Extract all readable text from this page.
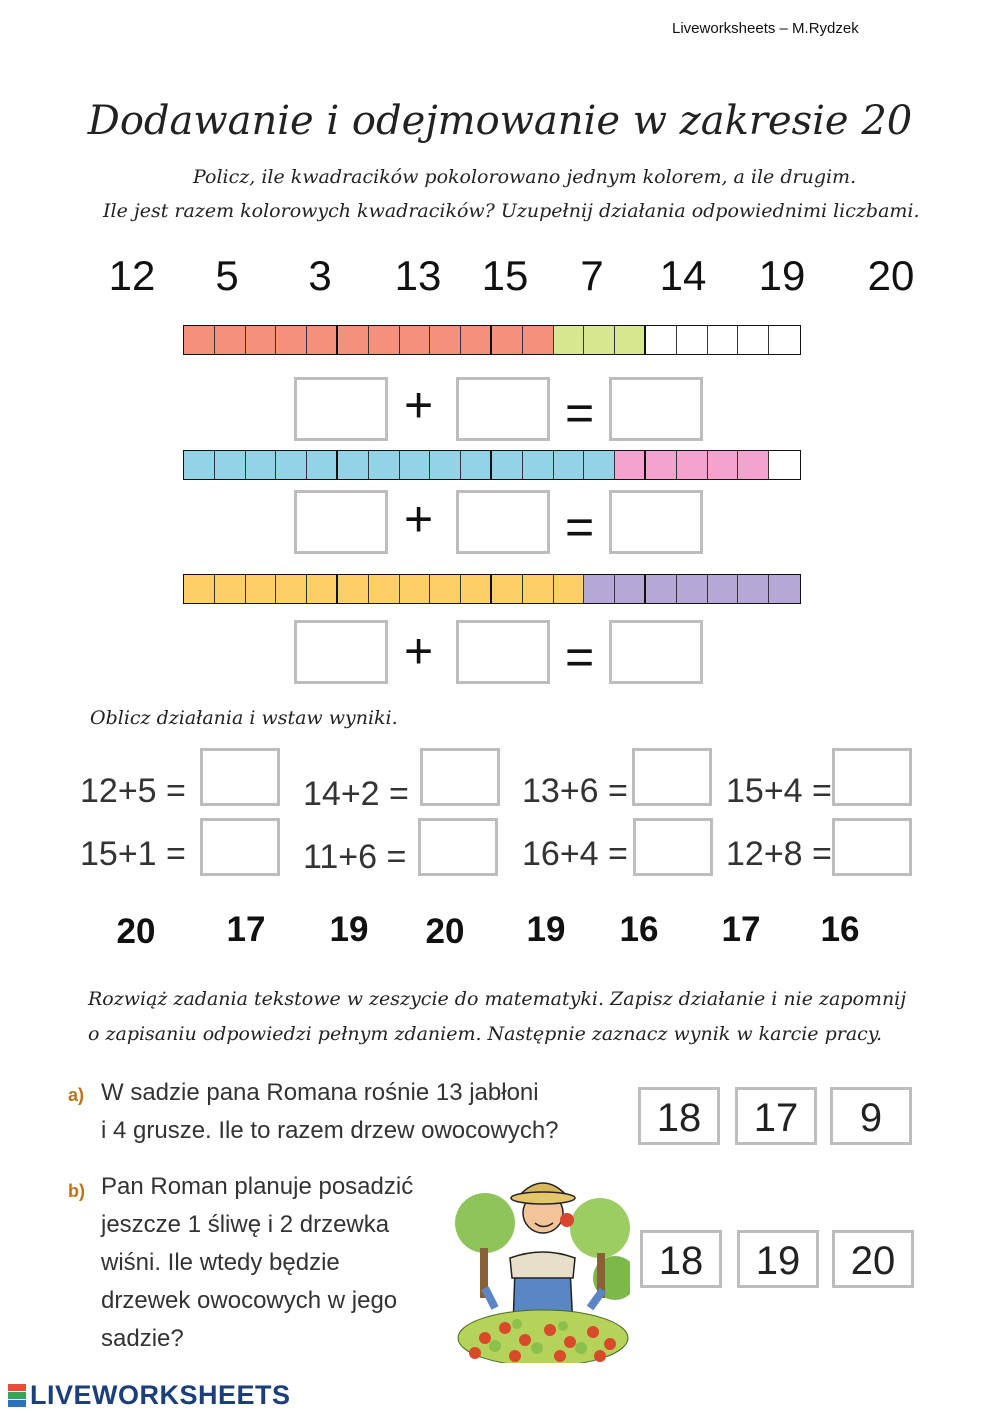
Liveworksheets – M.Rydzek
Dodawanie i odejmowanie w zakresie 20
Policz, ile kwadracików pokolorowano jednym kolorem, a ile drugim.
Ile jest razem kolorowych kwadracików? Uzupełnij działania odpowiednimi liczbami.
12	5	3	13 15	7	14 19 20
+	=
+	=
+	=
Oblicz działania i wstaw wyniki.
12+5 =	14+2 =	13+6 =	15+4 =
15+1 =	11+6 =	16+4 =	12+8 =
20	17	19	20	19	16	17	16
Rozwiąż zadania tekstowe w zeszycie do matematyki. Zapisz działanie i nie zapomnij
o zapisaniu odpowiedzi pełnym zdaniem. Następnie zaznacz wynik w karcie pracy.
a) W sadzie pana Romana rośnie 13 jabłoni
i 4 grusze. Ile to razem drzew owocowych?	18	17	9
b) Pan Roman planuje posadzić
jeszcze 1 śliwę i 2 drzewka
wiśni. Ile wtedy będzie
drzewek owocowych w jego
sadzie?
18	19	20
LIVEWORKSHEETS
